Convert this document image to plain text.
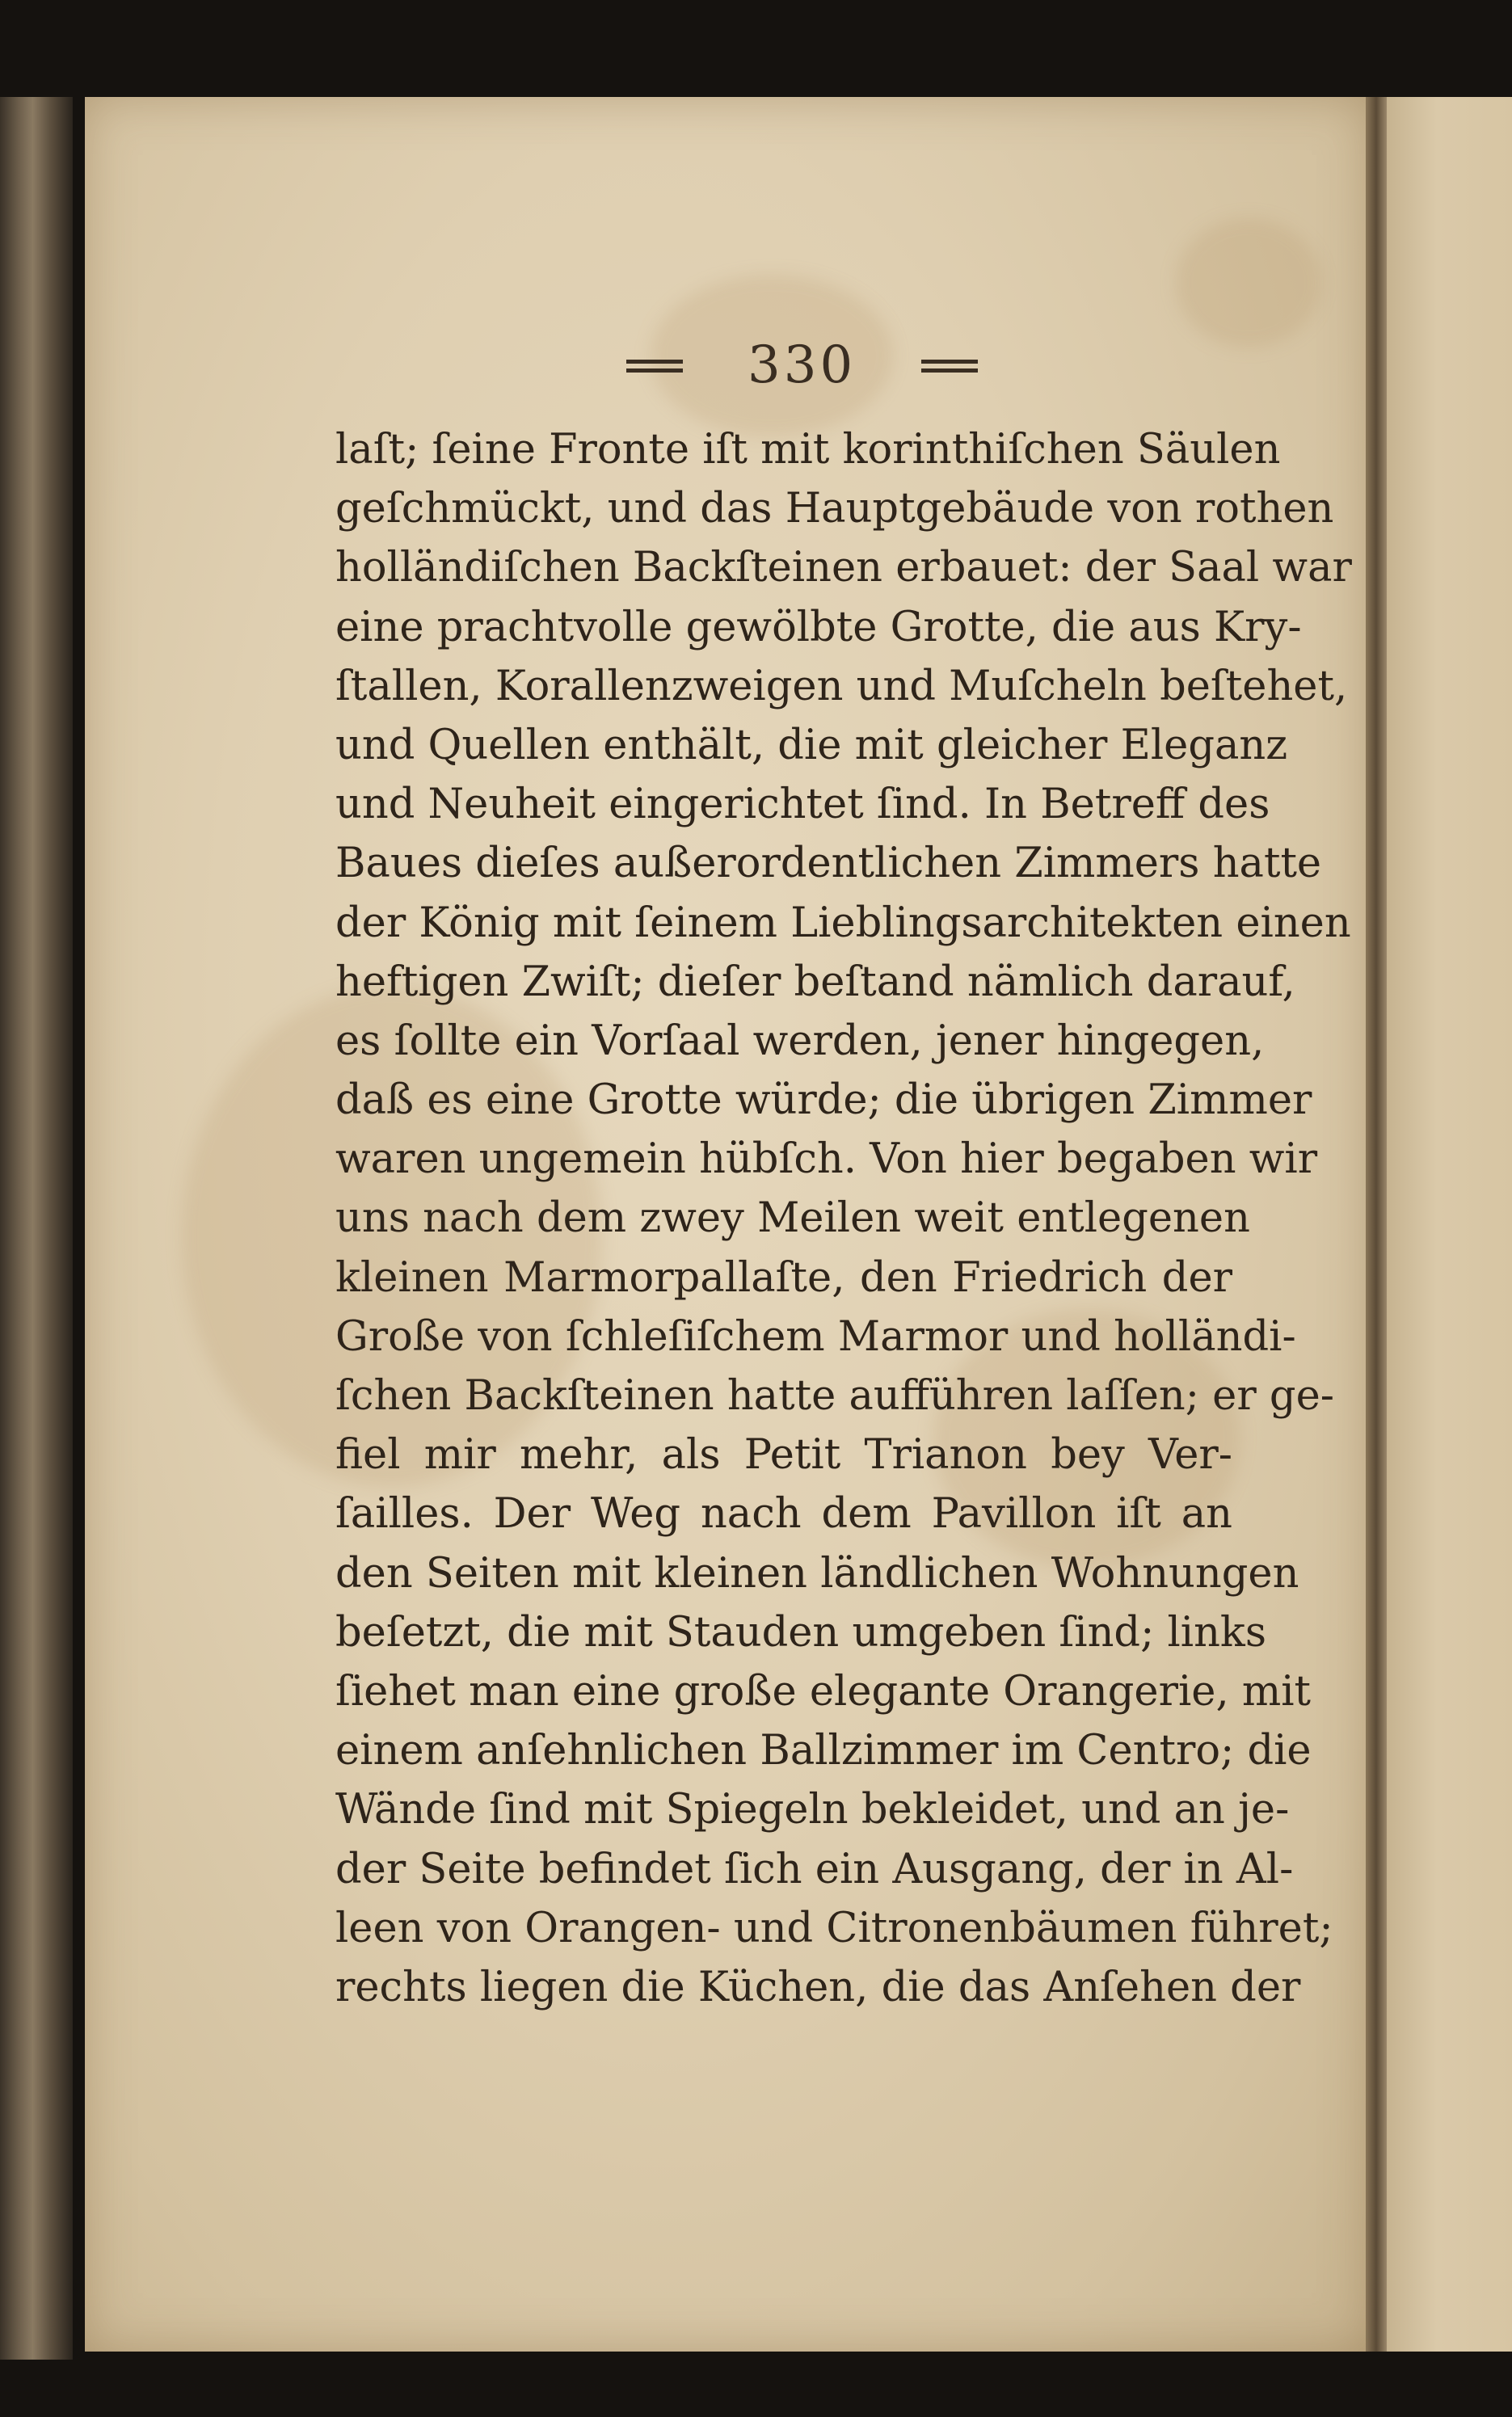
330
laſt; ſeine Fronte iſt mit korinthiſchen Säulen
geſchmückt, und das Hauptgebäude von rothen
holländiſchen Backſteinen erbauet: der Saal war
eine prachtvolle gewölbte Grotte, die aus Kry-
ſtallen, Korallenzweigen und Muſcheln beſtehet,
und Quellen enthält, die mit gleicher Eleganz
und Neuheit eingerichtet ſind. In Betreff des
Baues dieſes außerordentlichen Zimmers hatte
der König mit ſeinem Lieblingsarchitekten einen
heftigen Zwiſt; dieſer beſtand nämlich darauf,
es ſollte ein Vorſaal werden, jener hingegen,
daß es eine Grotte würde; die übrigen Zimmer
waren ungemein hübſch. Von hier begaben wir
uns nach dem zwey Meilen weit entlegenen
kleinen Marmorpallaſte, den Friedrich der
Große von ſchleſiſchem Marmor und holländi-
ſchen Backſteinen hatte aufführen laſſen; er ge-
fiel mir mehr, als Petit Trianon bey Ver-
ſailles. Der Weg nach dem Pavillon iſt an
den Seiten mit kleinen ländlichen Wohnungen
beſetzt, die mit Stauden umgeben ſind; links
ſiehet man eine große elegante Orangerie, mit
einem anſehnlichen Ballzimmer im Centro; die
Wände ſind mit Spiegeln bekleidet, und an je-
der Seite befindet ſich ein Ausgang, der in Al-
leen von Orangen- und Citronenbäumen führet;
rechts liegen die Küchen, die das Anſehen der
